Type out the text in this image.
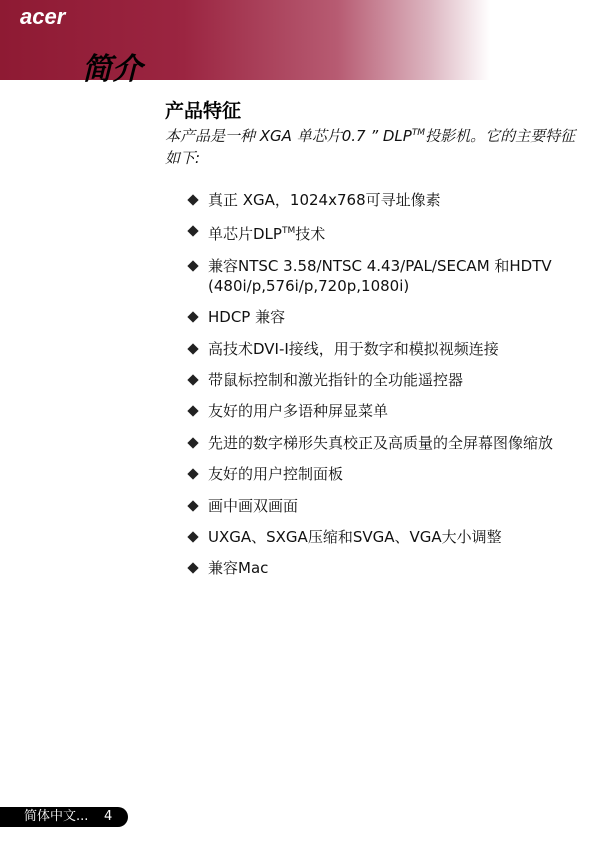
acer
简介
产品特征
本产品是一种 XGA 单芯片0.7 ” DLP™投影机。它的主要特征如下:
真正 XGA，1024x768可寻址像素
单芯片DLP™技术
兼容NTSC 3.58/NTSC 4.43/PAL/SECAM 和HDTV (480i/p,576i/p,720p,1080i)
HDCP 兼容
高技术DVI-I接线，用于数字和模拟视频连接
带鼠标控制和激光指针的全功能遥控器
友好的用户多语种屏显菜单
先进的数字梯形失真校正及高质量的全屏幕图像缩放
友好的用户控制面板
画中画双画面
UXGA、SXGA压缩和SVGA、VGA大小调整
兼容Mac
简体中文... 4
